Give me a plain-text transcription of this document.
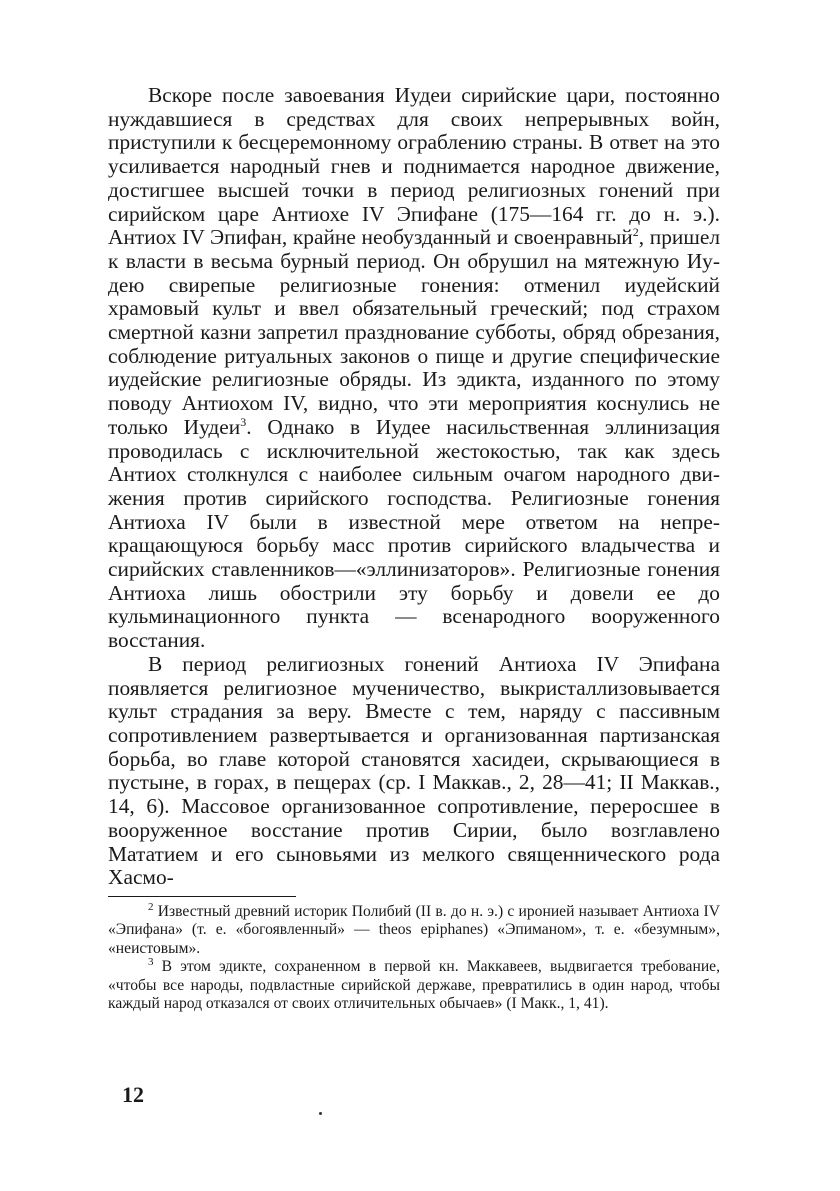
Вскоре после завоевания Иудеи сирийские цари, постоянно нуждавшиеся в средствах для своих непрерывных войн, приступили к бесцеремонному ограблению страны. В ответ на это усиливается народный гнев и поднимается народное движение, достигшее высшей точки в период религиозных гонений при сирийском царе Антиохе IV Эпифане (175—164 гг. до н. э.). Антиох IV Эпифан, крайне необузданный и своенравный$^2$, пришел к власти в весьма бурный период. Он обрушил на мятежную Иудею свирепые религиозные гонения: отменил иудейский храмовый культ и ввел обязательный греческий; под страхом смертной казни запретил празднование субботы, обряд обрезания, соблюдение ритуальных законов о пище и другие специфические иудейские религиозные обряды. Из эдикта, изданного по этому поводу Антиохом IV, видно, что эти мероприятия коснулись не только Иудеи$^3$. Однако в Иудее насильственная эллинизация проводилась с исключительной жестокостью, так как здесь Антиох столкнулся с наиболее сильным очагом народного движения против сирийского господства. Религиозные гонения Антиоха IV были в известной мере ответом на непрекращающуюся борьбу масс против сирийского владычества и сирийских ставленников—«эллинизаторов». Религиозные гонения Антиоха лишь обострили эту борьбу и довели ее до кульминационного пункта — всенародного вооруженного восстания.

В период религиозных гонений Антиоха IV Эпифана появляется религиозное мученичество, выкристаллизовывается культ страдания за веру. Вместе с тем, наряду с пассивным сопротивлением развертывается и организованная партизанская борьба, во главе которой становятся хасидеи, скрывающиеся в пустыне, в горах, в пещерах (ср. I Маккав., 2, 28—41; II Маккав., 14, 6). Массовое организованное сопротивление, переросшее в вооруженное восстание против Сирии, было возглавлено Мататием и его сыновьями из мелкого священнического рода Хасмо-

$^2$ Известный древний историк Полибий (II в. до н. э.) с иронией называет Антиоха IV «Эпифана» (т. е. «богоявленный» — theos epiphanes) «Эпиманом», т. е. «безумным», «неистовым».

$^3$ В этом эдикте, сохраненном в первой кн. Маккавеев, выдвигается требование, «чтобы все народы, подвластные сирийской державе, превратились в один народ, чтобы каждый народ отказался от своих отличительных обычаев» (I Макк., 1, 41).

12
